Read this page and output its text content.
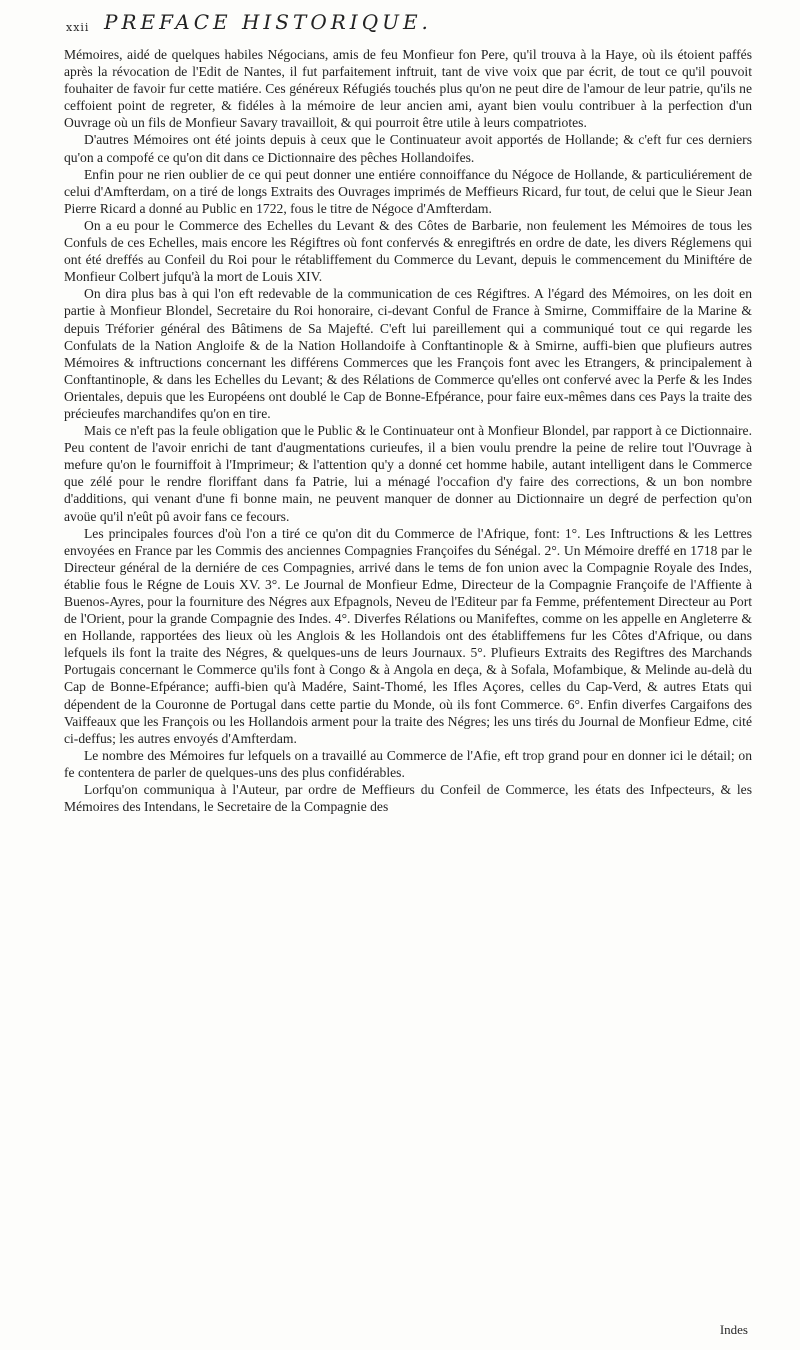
xxii PREFACE HISTORIQUE.

Mémoires, aidé de quelques habiles Négocians, amis de feu Monfieur fon Pere, qu'il trouva à la Haye, où ils étoient paffés après la révocation de l'Edit de Nantes, il fut parfaitement inftruit, tant de vive voix que par écrit, de tout ce qu'il pouvoit fouhaiter de favoir fur cette matiére. Ces généreux Réfugiés touchés plus qu'on ne peut dire de l'amour de leur patrie, qu'ils ne ceffoient point de regreter, & fidéles à la mémoire de leur ancien ami, ayant bien voulu contribuer à la perfection d'un Ouvrage où un fils de Monfieur Savary travailloit, & qui pourroit être utile à leurs compatriotes.

D'autres Mémoires ont été joints depuis à ceux que le Continuateur avoit apportés de Hollande; & c'eft fur ces derniers qu'on a compofé ce qu'on dit dans ce Dictionnaire des pêches Hollandoifes.

Enfin pour ne rien oublier de ce qui peut donner une entiére connoiffance du Négoce de Hollande, & particuliérement de celui d'Amfterdam, on a tiré de longs Extraits des Ouvrages imprimés de Meffieurs Ricard, fur tout, de celui que le Sieur Jean Pierre Ricard a donné au Public en 1722, fous le titre de Négoce d'Amfterdam.

On a eu pour le Commerce des Echelles du Levant & des Côtes de Barbarie, non feulement les Mémoires de tous les Confuls de ces Echelles, mais encore les Régiftres où font confervés & enregiftrés en ordre de date, les divers Réglemens qui ont été dreffés au Confeil du Roi pour le rétabliffement du Commerce du Levant, depuis le commencement du Miniftére de Monfieur Colbert jufqu'à la mort de Louis XIV.

On dira plus bas à qui l'on eft redevable de la communication de ces Régiftres. A l'égard des Mémoires, on les doit en partie à Monfieur Blondel, Secretaire du Roi honoraire, ci-devant Conful de France à Smirne, Commiffaire de la Marine & depuis Tréforier général des Bâtimens de Sa Majefté. C'eft lui pareillement qui a communiqué tout ce qui regarde les Confulats de la Nation Angloife & de la Nation Hollandoife à Conftantinople & à Smirne, auffi-bien que plufieurs autres Mémoires & inftructions concernant les différens Commerces que les François font avec les Etrangers, & principalement à Conftantinople, & dans les Echelles du Levant; & des Rélations de Commerce qu'elles ont confervé avec la Perfe & les Indes Orientales, depuis que les Européens ont doublé le Cap de Bonne-Efpérance, pour faire eux-mêmes dans ces Pays la traite des précieufes marchandifes qu'on en tire.

Mais ce n'eft pas la feule obligation que le Public & le Continuateur ont à Monfieur Blondel, par rapport à ce Dictionnaire. Peu content de l'avoir enrichi de tant d'augmentations curieufes, il a bien voulu prendre la peine de relire tout l'Ouvrage à mefure qu'on le fourniffoit à l'Imprimeur; & l'attention qu'y a donné cet homme habile, autant intelligent dans le Commerce que zélé pour le rendre floriffant dans fa Patrie, lui a ménagé l'occafion d'y faire des corrections, & un bon nombre d'additions, qui venant d'une fi bonne main, ne peuvent manquer de donner au Dictionnaire un degré de perfection qu'on avoüe qu'il n'eût pû avoir fans ce fecours.

Les principales fources d'où l'on a tiré ce qu'on dit du Commerce de l'Afrique, font: 1°. Les Inftructions & les Lettres envoyées en France par les Commis des anciennes Compagnies Françoifes du Sénégal. 2°. Un Mémoire dreffé en 1718 par le Directeur général de la derniére de ces Compagnies, arrivé dans le tems de fon union avec la Compagnie Royale des Indes, établie fous le Régne de Louis XV. 3°. Le Journal de Monfieur Edme, Directeur de la Compagnie Françoife de l'Affiente à Buenos-Ayres, pour la fourniture des Négres aux Efpagnols, Neveu de l'Editeur par fa Femme, préfentement Directeur au Port de l'Orient, pour la grande Compagnie des Indes. 4°. Diverfes Rélations ou Manifeftes, comme on les appelle en Angleterre & en Hollande, rapportées des lieux où les Anglois & les Hollandois ont des établiffemens fur les Côtes d'Afrique, ou dans lefquels ils font la traite des Négres, & quelques-uns de leurs Journaux. 5°. Plufieurs Extraits des Regiftres des Marchands Portugais concernant le Commerce qu'ils font à Congo & à Angola en deça, & à Sofala, Mofambique, & Melinde au-delà du Cap de Bonne-Efpérance; auffi-bien qu'à Madére, Saint-Thomé, les Ifles Açores, celles du Cap-Verd, & autres Etats qui dépendent de la Couronne de Portugal dans cette partie du Monde, où ils font Commerce. 6°. Enfin diverfes Cargaifons des Vaiffeaux que les François ou les Hollandois arment pour la traite des Négres; les uns tirés du Journal de Monfieur Edme, cité ci-deffus; les autres envoyés d'Amfterdam.

Le nombre des Mémoires fur lefquels on a travaillé au Commerce de l'Afie, eft trop grand pour en donner ici le détail; on fe contentera de parler de quelques-uns des plus confidérables.

Lorfqu'on communiqua à l'Auteur, par ordre de Meffieurs du Confeil de Commerce, les états des Infpecteurs, & les Mémoires des Intendans, le Secretaire de la Compagnie des

Indes
